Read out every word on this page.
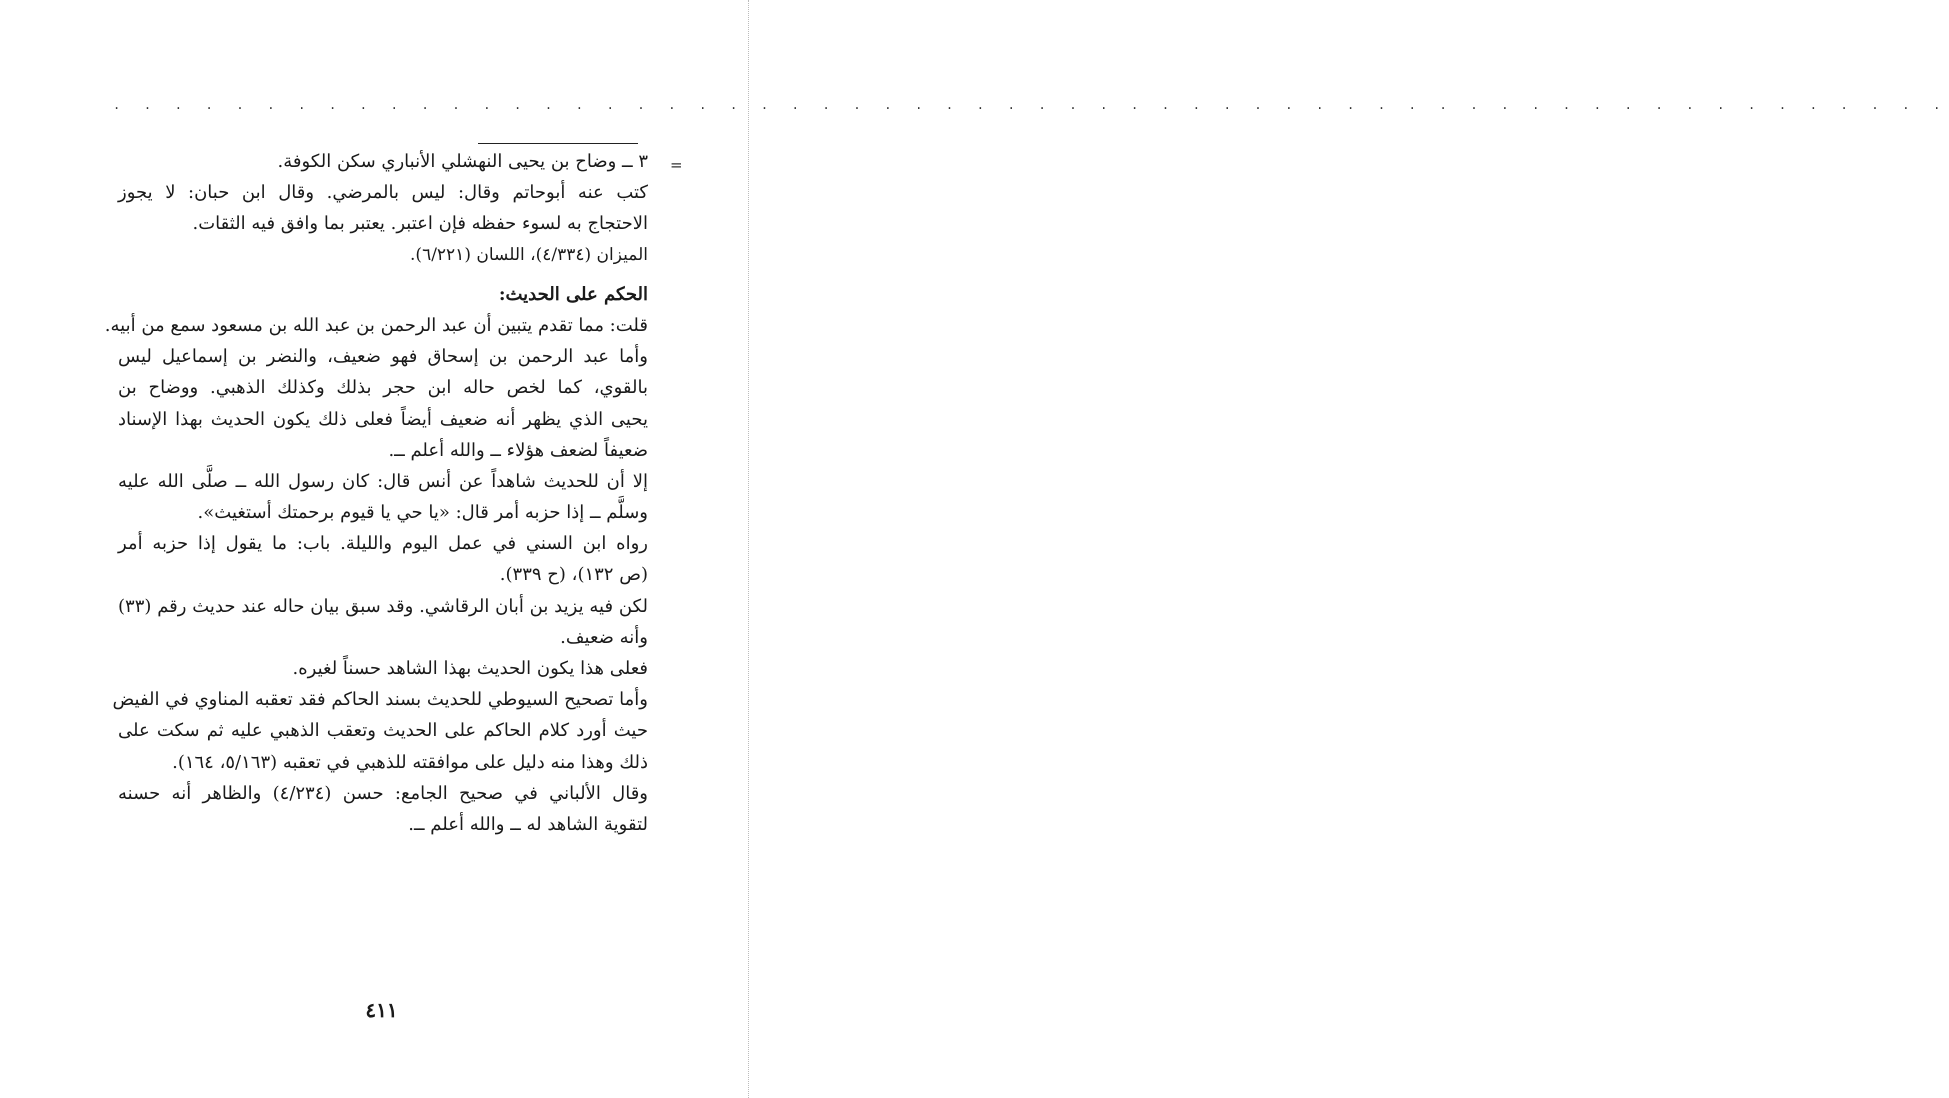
. . . . . . . . . . . . . . . . . . . . . . . . . . . . . . . . . . . . . . . . . . . . . . . . . . . . . . . . . . . .
=
٣ ــ وضاح بن يحيى النهشلي الأنباري سكن الكوفة.
كتب عنه أبوحاتم وقال: ليس بالمرضي. وقال ابن حبان: لا يجوز
الاحتجاج به لسوء حفظه فإن اعتبر. يعتبر بما وافق فيه الثقات.
الميزان (٤/٣٣٤)، اللسان (٦/٢٢١).
الحكم على الحديث:
قلت: مما تقدم يتبين أن عبد الرحمن بن عبد الله بن مسعود سمع من أبيه.
وأما عبد الرحمن بن إسحاق فهو ضعيف، والنضر بن إسماعيل ليس
بالقوي، كما لخص حاله ابن حجر بذلك وكذلك الذهبي. ووضاح بن
يحيى الذي يظهر أنه ضعيف أيضاً فعلى ذلك يكون الحديث بهذا الإسناد
ضعيفاً لضعف هؤلاء ــ والله أعلم ــ.
إلا أن للحديث شاهداً عن أنس قال: كان رسول الله ــ صلَّى الله عليه
وسلَّم ــ إذا حزبه أمر قال: «يا حي يا قيوم برحمتك أستغيث».
رواه ابن السني في عمل اليوم والليلة. باب: ما يقول إذا حزبه أمر
(ص ١٣٢)، (ح ٣٣٩).
لكن فيه يزيد بن أبان الرقاشي. وقد سبق بيان حاله عند حديث رقم (٣٣)
وأنه ضعيف.
فعلى هذا يكون الحديث بهذا الشاهد حسناً لغيره.
وأما تصحيح السيوطي للحديث بسند الحاكم فقد تعقبه المناوي في الفيض
حيث أورد كلام الحاكم على الحديث وتعقب الذهبي عليه ثم سكت على
ذلك وهذا منه دليل على موافقته للذهبي في تعقبه (٥/١٦٣، ١٦٤).
وقال الألباني في صحيح الجامع: حسن (٤/٢٣٤) والظاهر أنه حسنه
لتقوية الشاهد له ــ والله أعلم ــ.
٤١١
